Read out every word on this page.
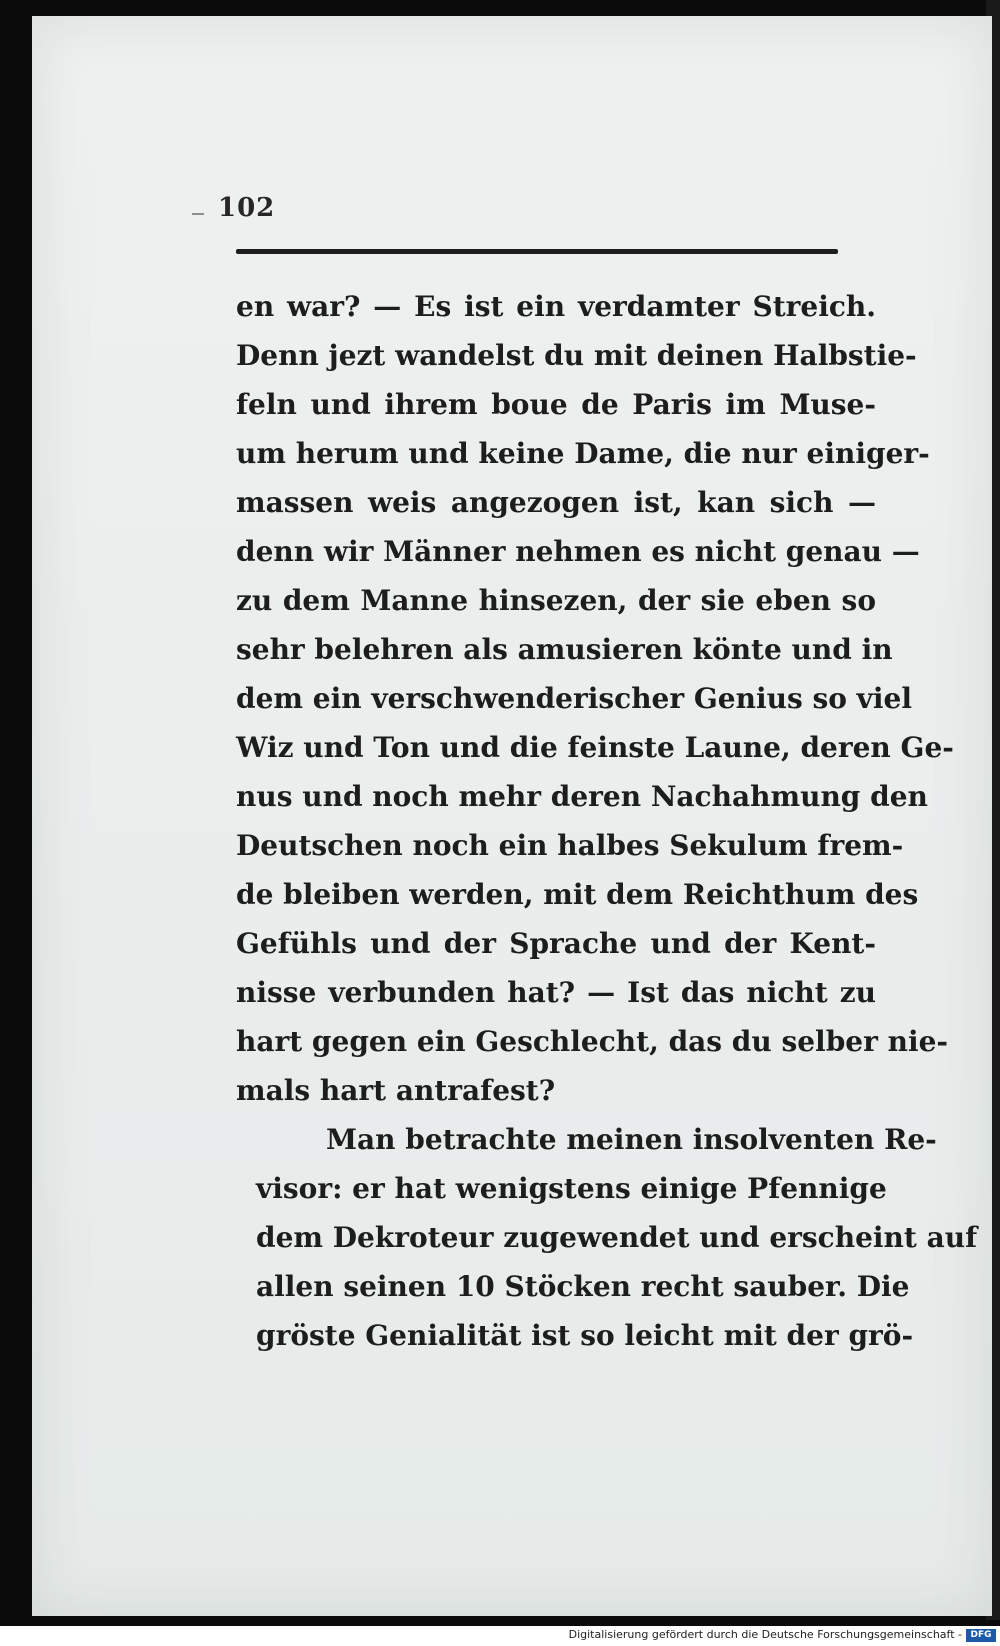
102
en war? — Es ist ein verdamter Streich.
Denn jezt wandelst du mit deinen Halbstie-
feln und ihrem boue de Paris im Muse-
um herum und keine Dame, die nur einiger-
massen weis angezogen ist, kan sich —
denn wir Männer nehmen es nicht genau —
zu dem Manne hinsezen, der sie eben so
sehr belehren als amusieren könte und in
dem ein verschwenderischer Genius so viel
Wiz und Ton und die feinste Laune, deren Ge-
nus und noch mehr deren Nachahmung den
Deutschen noch ein halbes Sekulum frem-
de bleiben werden, mit dem Reichthum des
Gefühls und der Sprache und der Kent-
nisse verbunden hat? — Ist das nicht zu
hart gegen ein Geschlecht, das du selber nie-
mals hart antrafest?
Man betrachte meinen insolventen Re-
visor: er hat wenigstens einige Pfennige
dem Dekroteur zugewendet und erscheint auf
allen seinen 10 Stöcken recht sauber. Die
gröste Genialität ist so leicht mit der grö-
Digitalisierung gefördert durch die Deutsche Forschungsgemeinschaft - DFG
